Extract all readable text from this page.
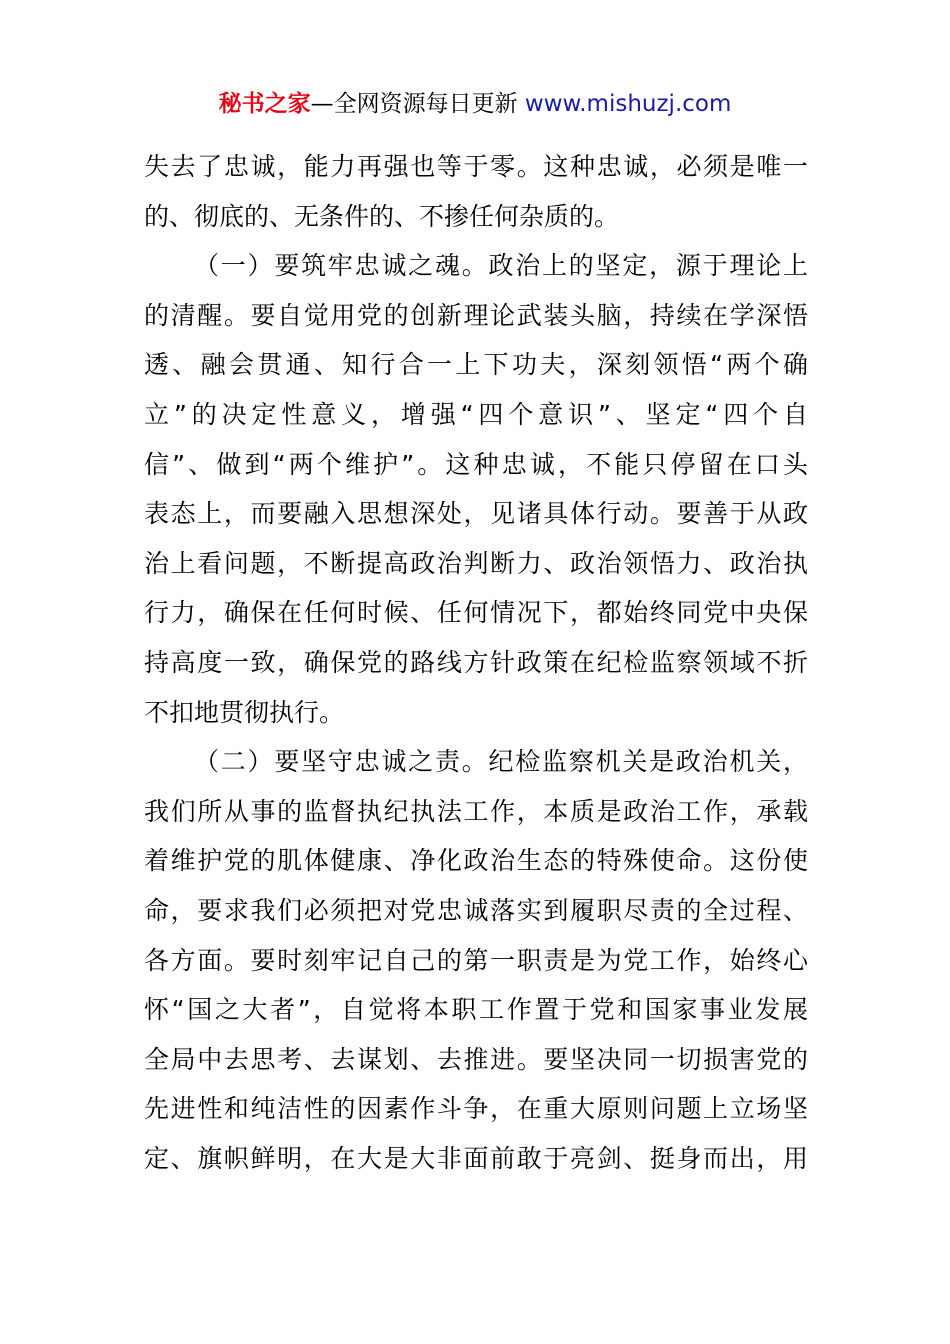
秘书之家—全网资源每日更新 www.mishuzj.com
失去了忠诚，能力再强也等于零。这种忠诚，必须是唯一
的、彻底的、无条件的、不掺任何杂质的。
（一）要筑牢忠诚之魂。政治上的坚定，源于理论上
的清醒。要自觉用党的创新理论武装头脑，持续在学深悟
透、融会贯通、知行合一上下功夫，深刻领悟“两个确
立”的决定性意义，增强“四个意识”、坚定“四个自
信”、做到“两个维护”。这种忠诚，不能只停留在口头
表态上，而要融入思想深处，见诸具体行动。要善于从政
治上看问题，不断提高政治判断力、政治领悟力、政治执
行力，确保在任何时候、任何情况下，都始终同党中央保
持高度一致，确保党的路线方针政策在纪检监察领域不折
不扣地贯彻执行。
（二）要坚守忠诚之责。纪检监察机关是政治机关，
我们所从事的监督执纪执法工作，本质是政治工作，承载
着维护党的肌体健康、净化政治生态的特殊使命。这份使
命，要求我们必须把对党忠诚落实到履职尽责的全过程、
各方面。要时刻牢记自己的第一职责是为党工作，始终心
怀“国之大者”，自觉将本职工作置于党和国家事业发展
全局中去思考、去谋划、去推进。要坚决同一切损害党的
先进性和纯洁性的因素作斗争，在重大原则问题上立场坚
定、旗帜鲜明，在大是大非面前敢于亮剑、挺身而出，用
